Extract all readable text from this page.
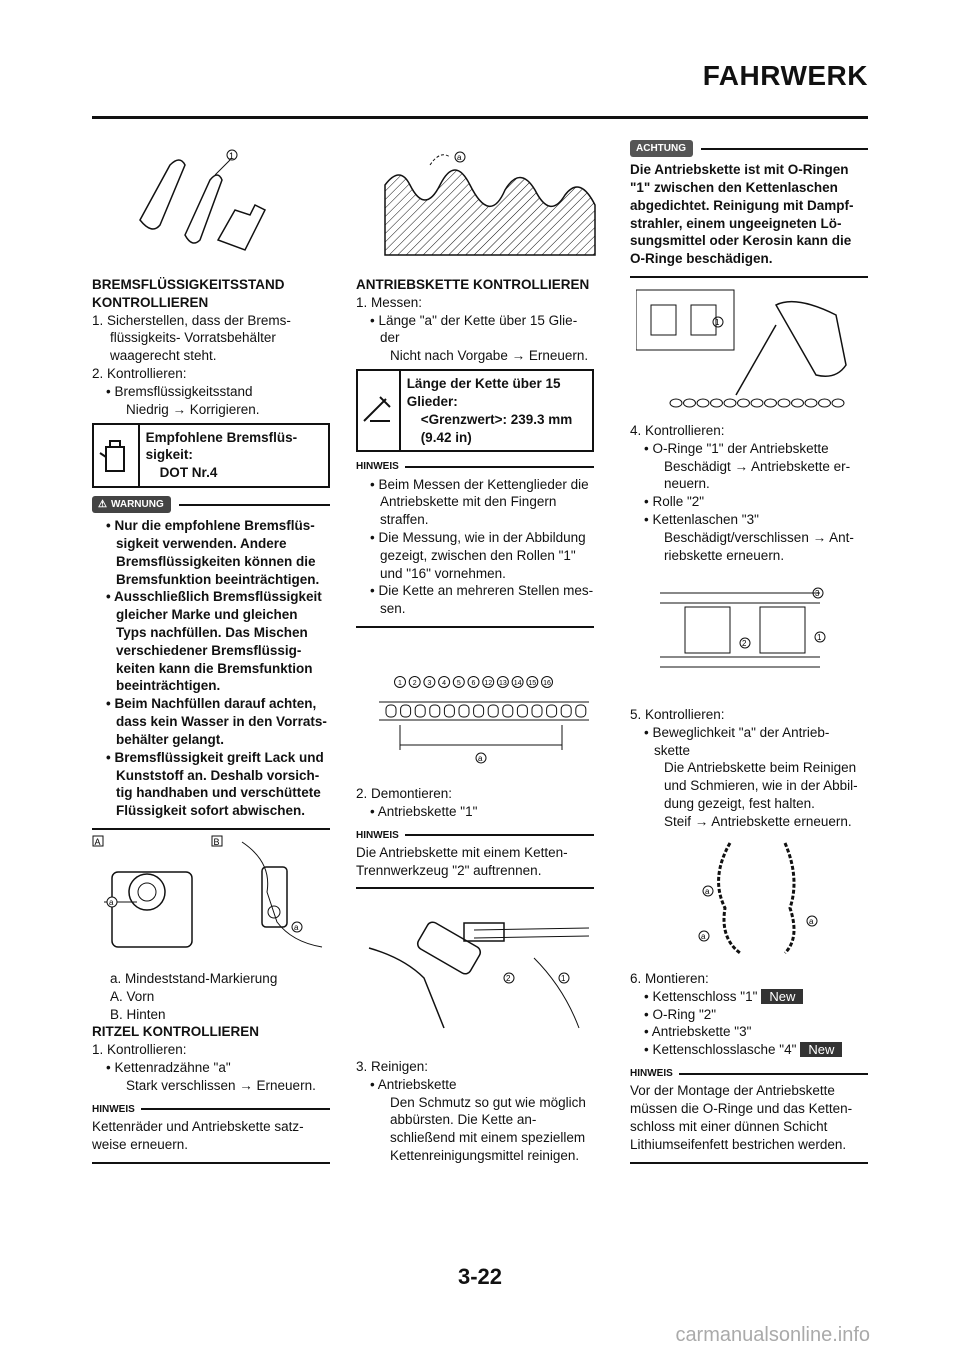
FAHRWERK
1

BREMSFLÜSSIGKEITSSTAND KONTROLLIEREN

1. Sicherstellen, dass der Brems- flüssigkeits- Vorratsbehälter waagerecht steht.

2. Kontrollieren:

• Bremsflüssigkeitsstand

Niedrig → Korrigieren.

Empfohlene Bremsflüs- sigkeit:

DOT Nr.4

⚠ WARNUNG

• Nur die empfohlene Bremsflüs- sigkeit verwenden. Andere Bremsflüssigkeiten können die Bremsfunktion beeinträchtigen.

• Ausschließlich Bremsflüssigkeit gleicher Marke und gleichen Typs nachfüllen. Das Mischen verschiedener Bremsflüssig- keiten kann die Bremsfunktion beeinträchtigen.

• Beim Nachfüllen darauf achten, dass kein Wasser in den Vorrats- behälter gelangt.

• Bremsflüssigkeit greift Lack und Kunststoff an. Deshalb vorsich- tig handhaben und verschüttete Flüssigkeit sofort abwischen.

A	B
a
a

a. Mindeststand-Markierung

A. Vorn

B. Hinten

RITZEL KONTROLLIEREN

1. Kontrollieren:

• Kettenradzähne "a"

Stark verschlissen → Erneuern.

HINWEIS

Kettenräder und Antriebskette satz- weise erneuern.

a

ANTRIEBSKETTE KONTROLLIEREN

1. Messen:

• Länge "a" der Kette über 15 Glie- der

Nicht nach Vorgabe → Erneuern.

Länge der Kette über 15 Glieder:

<Grenzwert>: 239.3 mm (9.42 in)

HINWEIS

• Beim Messen der Kettenglieder die Antriebskette mit den Fingern straffen.

• Die Messung, wie in der Abbildung gezeigt, zwischen den Rollen "1" und "16" vornehmen.

• Die Kette an mehreren Stellen mes- sen.

1 2 3 4 5 6 12 13 14 15 16
a

2. Demontieren:

• Antriebskette "1"

HINWEIS

Die Antriebskette mit einem Ketten- Trennwerkzeug "2" auftrennen.

2	1

3. Reinigen:

• Antriebskette

Den Schmutz so gut wie möglich abbürsten. Die Kette an- schließend mit einem speziellem Kettenreinigungsmittel reinigen.

ACHTUNG

Die Antriebskette ist mit O-Ringen "1" zwischen den Kettenlaschen abgedichtet. Reinigung mit Dampf- strahler, einem ungeeigneten Lö- sungsmittel oder Kerosin kann die O-Ringe beschädigen.

1

4. Kontrollieren:

• O-Ringe "1" der Antriebskette

Beschädigt → Antriebskette er- neuern.

• Rolle "2"

• Kettenlaschen "3"

Beschädigt/verschlissen → Ant- riebskette erneuern.

3
2
1

5. Kontrollieren:

• Beweglichkeit "a" der Antrieb- skette

Die Antriebskette beim Reinigen und Schmieren, wie in der Abbil- dung gezeigt, fest halten.

Steif → Antriebskette erneuern.

a
a
a

6. Montieren:

• Kettenschloss "1" New

• O-Ring "2"

• Antriebskette "3"

• Kettenschlosslasche "4" New

HINWEIS

Vor der Montage der Antriebskette müssen die O-Ringe und das Ketten- schloss mit einer dünnen Schicht Lithiumseifenfett bestrichen werden.

3-22
carmanualsonline.info
